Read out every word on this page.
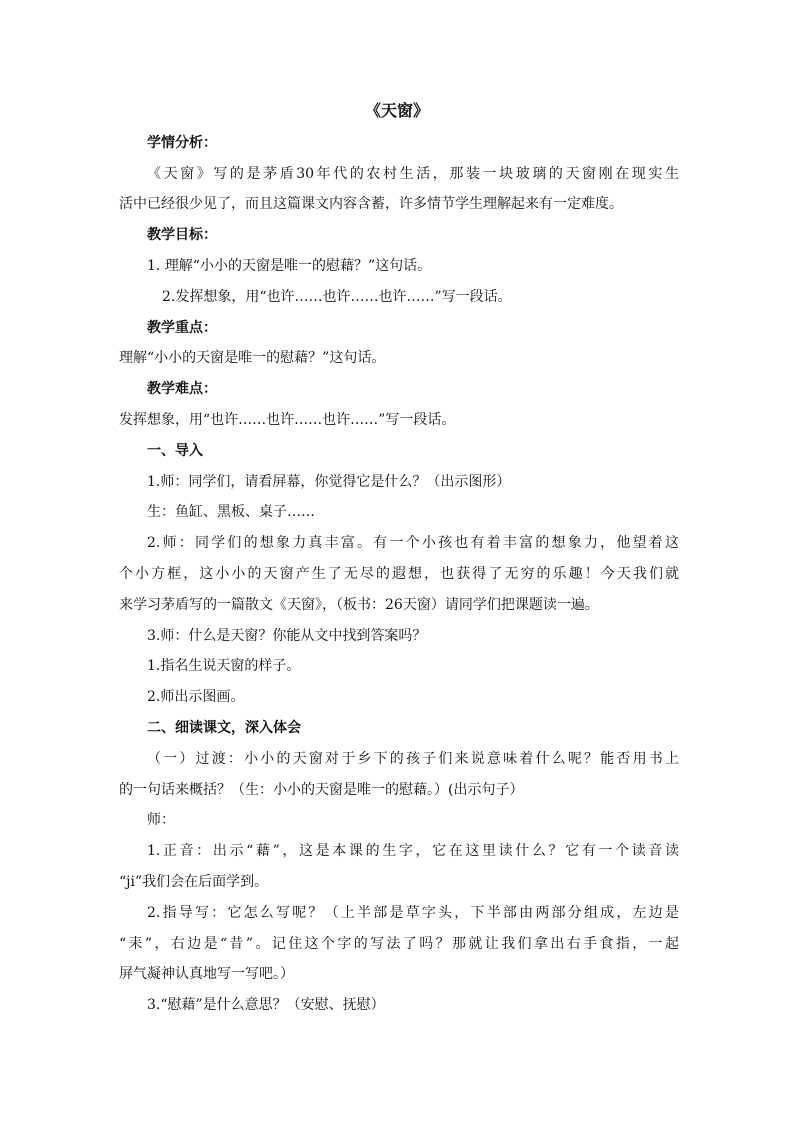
《天窗》
学情分析：
《天窗》写的是茅盾30年代的农村生活，那装一块玻璃的天窗刚在现实生
活中已经很少见了，而且这篇课文内容含蓄，许多情节学生理解起来有一定难度。
教学目标：
1. 理解“小小的天窗是唯一的慰藉？”这句话。
2.发挥想象，用“也许……也许……也许……”写一段话。
教学重点：
理解“小小的天窗是唯一的慰藉？”这句话。
教学难点：
发挥想象，用“也许……也许……也许……”写一段话。
一、导入
1.师：同学们，请看屏幕，你觉得它是什么？（出示图形）
生：鱼缸、黑板、桌子……
2.师：同学们的想象力真丰富。有一个小孩也有着丰富的想象力，他望着这
个小方框，这小小的天窗产生了无尽的遐想，也获得了无穷的乐趣！今天我们就
来学习茅盾写的一篇散文《天窗》，（板书：26天窗）请同学们把课题读一遍。
3.师：什么是天窗？你能从文中找到答案吗？
1.指名生说天窗的样子。
2.师出示图画。
二、细读课文，深入体会
（一）过渡：小小的天窗对于乡下的孩子们来说意味着什么呢？能否用书上
的一句话来概括？（生：小小的天窗是唯一的慰藉。）(出示句子）
师：
1.正音：出示“藉”，这是本课的生字，它在这里读什么？它有一个读音读
“ji”我们会在后面学到。
2.指导写：它怎么写呢？（上半部是草字头，下半部由两部分组成，左边是
“耒”，右边是“昔”。记住这个字的写法了吗？那就让我们拿出右手食指，一起
屏气凝神认真地写一写吧。）
3.“慰藉”是什么意思？（安慰、抚慰）
